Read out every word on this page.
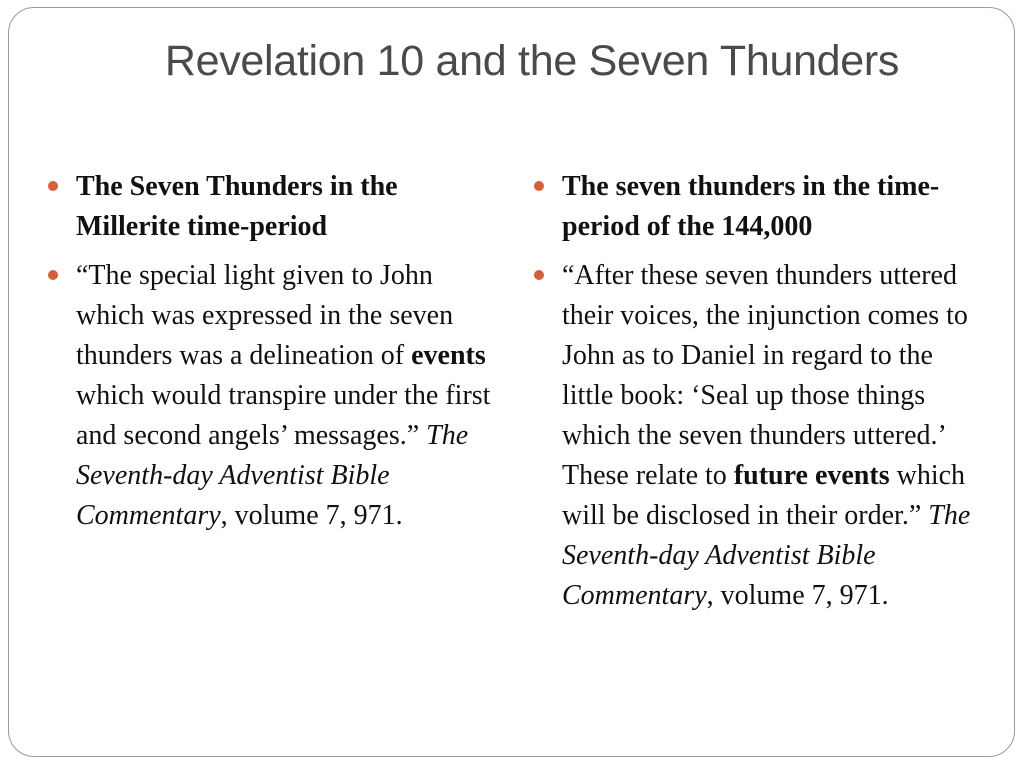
Revelation 10 and the Seven Thunders
The Seven Thunders in the Millerite time-period
“The special light given to John which was expressed in the seven thunders was a delineation of events which would transpire under the first and second angels’ messages.” The Seventh-day Adventist Bible Commentary, volume 7, 971.
The seven thunders in the time-period of the 144,000
“After these seven thunders uttered their voices, the injunction comes to John as to Daniel in regard to the little book: ‘Seal up those things which the seven thunders uttered.’ These relate to future events which will be disclosed in their order.” The Seventh-day Adventist Bible Commentary, volume 7, 971.
